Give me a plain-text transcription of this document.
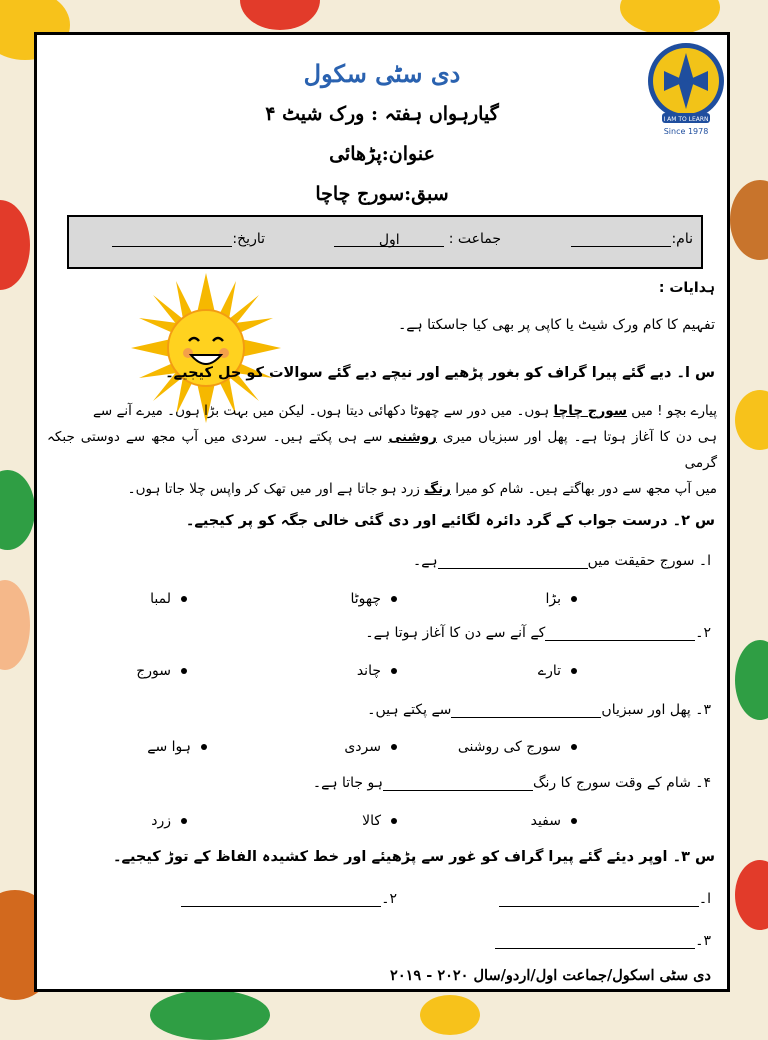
دی سٹی سکول
I AM TO LEARN
Since 1978
گیارہواں ہفتہ : ورک شیٹ ۴
عنوان:پڑھائی
سبق:سورج چاچا
نام:
جماعت : اول
تاریخ:
ہدایات :
تفہیم کا کام ورک شیٹ یا کاپی پر بھی کیا جاسکتا ہے۔
س ا۔ دیے گئے پیرا گراف کو بغور پڑھیے اور نیچے دیے گئے سوالات کو حل کیجیے۔
پیارے بچو ! میں سورج چاچا ہوں۔ میں دور سے چھوٹا دکھائی دیتا ہوں۔ لیکن میں بہت بڑا ہوں۔ میرے آنے سے
ہی دن کا آغاز ہوتا ہے۔ پھل اور سبزیاں میری روشنی سے ہی پکتے ہیں۔ سردی میں آپ مجھ سے دوستی جبکہ گرمی
میں آپ مجھ سے دور بھاگتے ہیں۔ شام کو میرا رنگ زرد ہو جاتا ہے اور میں تھک کر واپس چلا جاتا ہوں۔
س ۲۔ درست جواب کے گرد دائرہ لگائیے اور دی گئی خالی جگہ کو پر کیجیے۔
ا۔ سورج حقیقت میںہے۔
بڑا
چھوٹا
لمبا
۲۔کے آنے سے دن کا آغاز ہوتا ہے۔
تارے
چاند
سورج
۳۔ پھل اور سبزیاںسے پکتے ہیں۔
سورج کی روشنی
سردی
ہوا سے
۴۔ شام کے وقت سورج کا رنگہو جاتا ہے۔
سفید
کالا
زرد
س ۳۔ اوپر دیئے گئے پیرا گراف کو غور سے پڑھیئے اور خط کشیدہ الفاظ کے توڑ کیجیے۔
ا۔
۲۔
۳۔
دی سٹی اسکول/جماعت اول/اردو/سال ۲۰۲۰ - ۲۰۱۹
